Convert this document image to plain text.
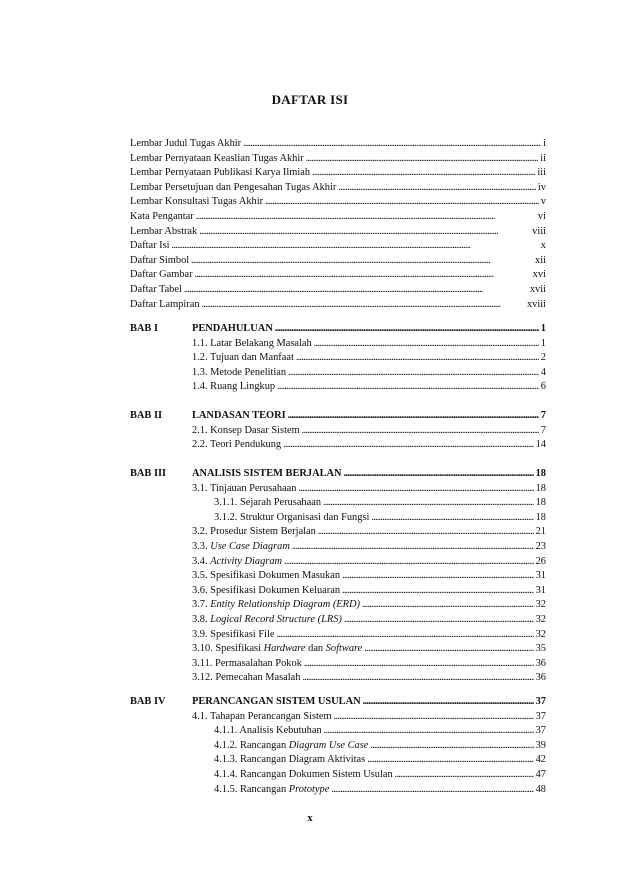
DAFTAR ISI
Lembar Judul Tugas Akhir . . .	i
Lembar Pernyataan Keaslian Tugas Akhir . . .	ii
Lembar Pernyataan Publikasi Karya Ilmiah . . .	iii
Lembar Persetujuan dan Pengesahan Tugas Akhir . . .	iv
Lembar Konsultasi Tugas Akhir . . .	v
Kata Pengantar . . .	vi
Lembar Abstrak . . .	viii
Daftar Isi . . .	x
Daftar Simbol . . .	xii
Daftar Gambar . . .	xvi
Daftar Tabel . . .	xvii
Daftar Lampiran . . .	xviii
BAB I	PENDAHULUAN . . .	1
1.1. Latar Belakang Masalah . . .	1
1.2. Tujuan dan Manfaat . . .	2
1.3. Metode Penelitian . . .	4
1.4. Ruang Lingkup . . .	6
BAB II	LANDASAN TEORI . . .	7
2.1. Konsep Dasar Sistem . . .	7
2.2. Teori Pendukung . . .	14
BAB III ANALISIS SISTEM BERJALAN . . .	18
3.1. Tinjauan Perusahaan . . .	18
3.1.1. Sejarah Perusahaan . . .	18
3.1.2. Struktur Organisasi dan Fungsi . . .	18
3.2. Prosedur Sistem Berjalan . . .	21
3.3. Use Case Diagram . . .	23
3.4. Activity Diagram . . .	26
3.5. Spesifikasi Dokumen Masukan . . .	31
3.6. Spesifikasi Dokumen Keluaran . . .	31
3.7. Entity Relationship Diagram (ERD) . . .	32
3.8. Logical Record Structure (LRS) . . .	32
3.9. Spesifikasi File . . .	32
3.10. Spesifikasi Hardware dan Software . . .	35
3.11. Permasalahan Pokok . . .	36
3.12. Pemecahan Masalah . . .	36
BAB IV	PERANCANGAN SISTEM USULAN . . .	37
4.1. Tahapan Perancangan Sistem . . .	37
4.1.1. Analisis Kebutuhan . . .	37
4.1.2. Rancangan Diagram Use Case . . .	39
4.1.3. Rancangan Diagram Aktivitas . . .	42
4.1.4. Rancangan Dokumen Sistem Usulan . . .	47
4.1.5. Rancangan Prototype . . .	48
x
